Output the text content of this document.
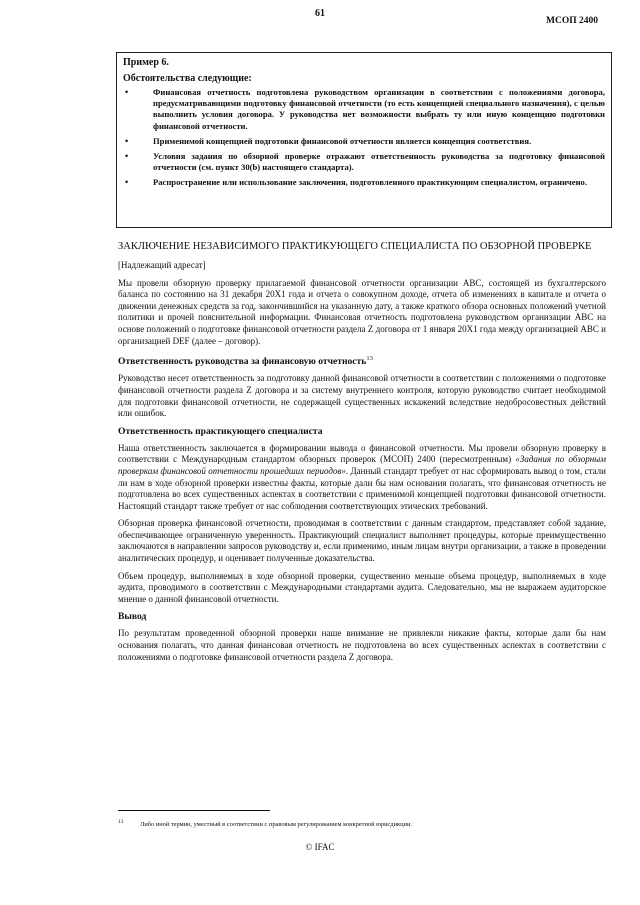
61
МСОП 2400
Пример 6.
Обстоятельства следующие:
•	Финансовая отчетность подготовлена руководством организации в соответствии с положениями договора, предусматривающими подготовку финансовой отчетности (то есть концепцией специального назначения), с целью выполнить условия договора. У руководства нет возможности выбрать ту или иную концепцию подготовки финансовой отчетности.
•	Применимой концепцией подготовки финансовой отчетности является концепция соответствия.
•	Условия задания по обзорной проверке отражают ответственность руководства за подготовку финансовой отчетности (см. пункт 30(b) настоящего стандарта).
•	Распространение или использование заключения, подготовленного практикующим специалистом, ограничено.
ЗАКЛЮЧЕНИЕ НЕЗАВИСИМОГО ПРАКТИКУЮЩЕГО СПЕЦИАЛИСТА ПО ОБЗОРНОЙ ПРОВЕРКЕ

[Надлежащий адресат]

Мы провели обзорную проверку прилагаемой финансовой отчетности организации ABC, состоящей из бухгалтерского баланса по состоянию на 31 декабря 20X1 года и отчета о совокупном доходе, отчета об изменениях в капитале и отчета о движении денежных средств за год, закончившийся на указанную дату, а также краткого обзора основных положений учетной политики и прочей пояснительной информации. Финансовая отчетность подготовлена руководством организации ABC на основе положений о подготовке финансовой отчетности раздела Z договора от 1 января 20X1 года между организацией ABC и организацией DEF (далее – договор).

Ответственность руководства за финансовую отчетность$^{13}$

Руководство несет ответственность за подготовку данной финансовой отчетности в соответствии с положениями о подготовке финансовой отчетности раздела Z договора и за систему внутреннего контроля, которую руководство считает необходимой для подготовки финансовой отчетности, не содержащей существенных искажений вследствие недобросовестных действий или ошибок.

Ответственность практикующего специалиста

Наша ответственность заключается в формировании вывода о финансовой отчетности. Мы провели обзорную проверку в соответствии с Международным стандартом обзорных проверок (МСОП) 2400 (пересмотренным) «Задания по обзорным проверкам финансовой отчетности прошедших периодов». Данный стандарт требует от нас сформировать вывод о том, стали ли нам в ходе обзорной проверки известны факты, которые дали бы нам основания полагать, что финансовая отчетность не подготовлена во всех существенных аспектах в соответствии с применимой концепцией подготовки финансовой отчетности. Настоящий стандарт также требует от нас соблюдения соответствующих этических требований.

Обзорная проверка финансовой отчетности, проводимая в соответствии с данным стандартом, представляет собой задание, обеспечивающее ограниченную уверенность. Практикующий специалист выполняет процедуры, которые преимущественно заключаются в направлении запросов руководству и, если применимо, иным лицам внутри организации, а также в проведении аналитических процедур, и оценивает полученные доказательства.

Объем процедур, выполняемых в ходе обзорной проверки, существенно меньше объема процедур, выполняемых в ходе аудита, проводимого в соответствии с Международными стандартами аудита. Следовательно, мы не выражаем аудиторское мнение о данной финансовой отчетности.

Вывод

По результатам проведенной обзорной проверки наше внимание не привлекли никакие факты, которые дали бы нам основания полагать, что данная финансовая отчетность не подготовлена во всех существенных аспектах в соответствии с положениями о подготовке финансовой отчетности раздела Z договора.

$^{13}$	Либо иной термин, уместный в соответствии с правовым регулированием конкретной юрисдикции.
© IFAC
